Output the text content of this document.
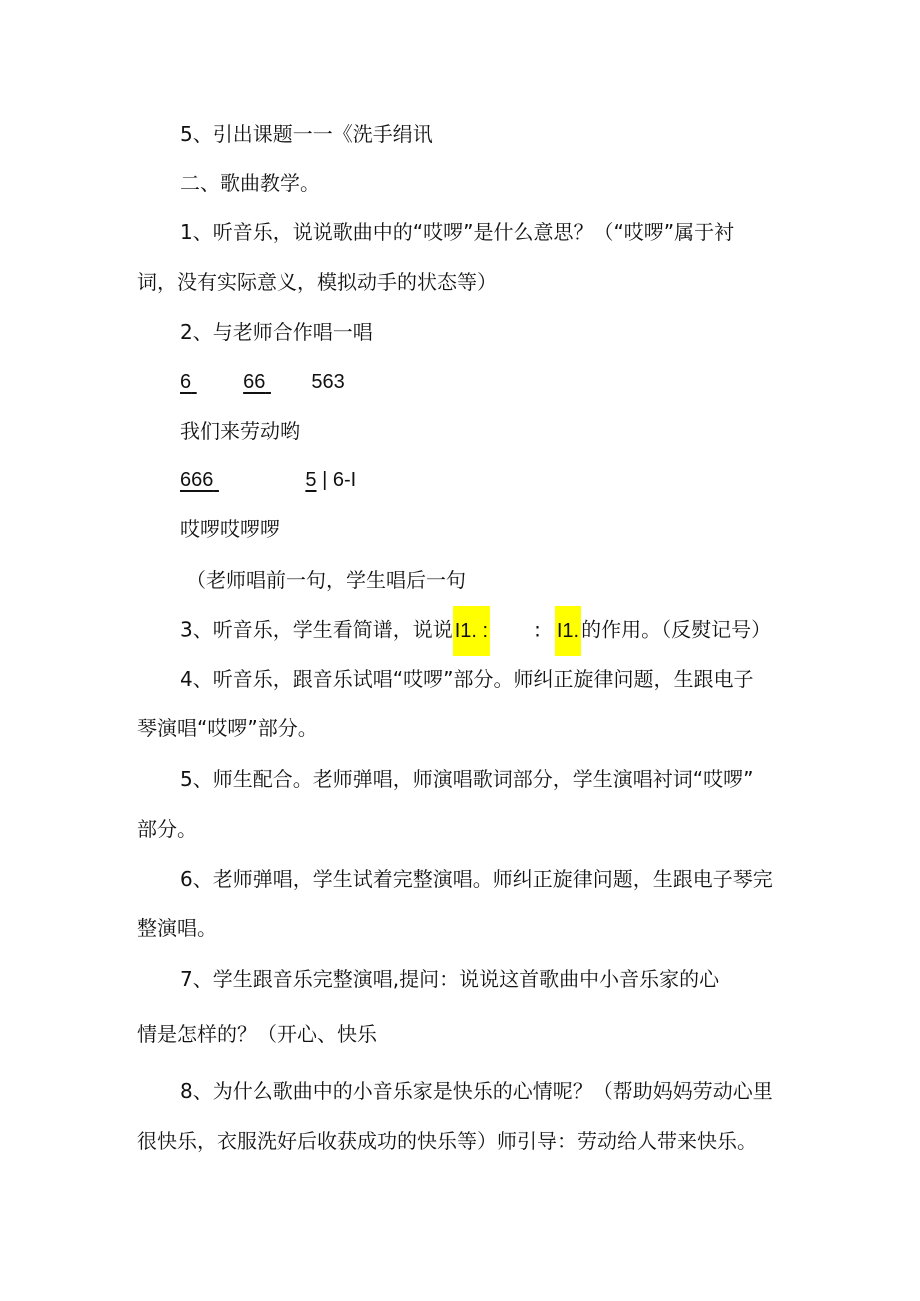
5、引出课题一一《洗手绢讯
二、歌曲教学。
1、听音乐，说说歌曲中的“哎啰”是什么意思？（“哎啰”属于衬
词，没有实际意义，模拟动手的状态等）
2、与老师合作唱一唱
6	66 563
我们来劳动哟
666	5 | 6-I
哎啰哎啰啰
（老师唱前一句，学生唱后一句
3、听音乐，学生看简谱，说说 I1. : : I1. 的作用。（反熨记号）
4、听音乐，跟音乐试唱“哎啰”部分。师纠正旋律问题，生跟电子
琴演唱“哎啰”部分。
5、师生配合。老师弹唱，师演唱歌词部分，学生演唱衬词“哎啰”
部分。
6、老师弹唱，学生试着完整演唱。师纠正旋律问题，生跟电子琴完
整演唱。
7、学生跟音乐完整演唱,提问：说说这首歌曲中小音乐家的心
情是怎样的？（开心、快乐
8、为什么歌曲中的小音乐家是快乐的心情呢？（帮助妈妈劳动心里
很快乐，衣服洗好后收获成功的快乐等）师引导：劳动给人带来快乐。
